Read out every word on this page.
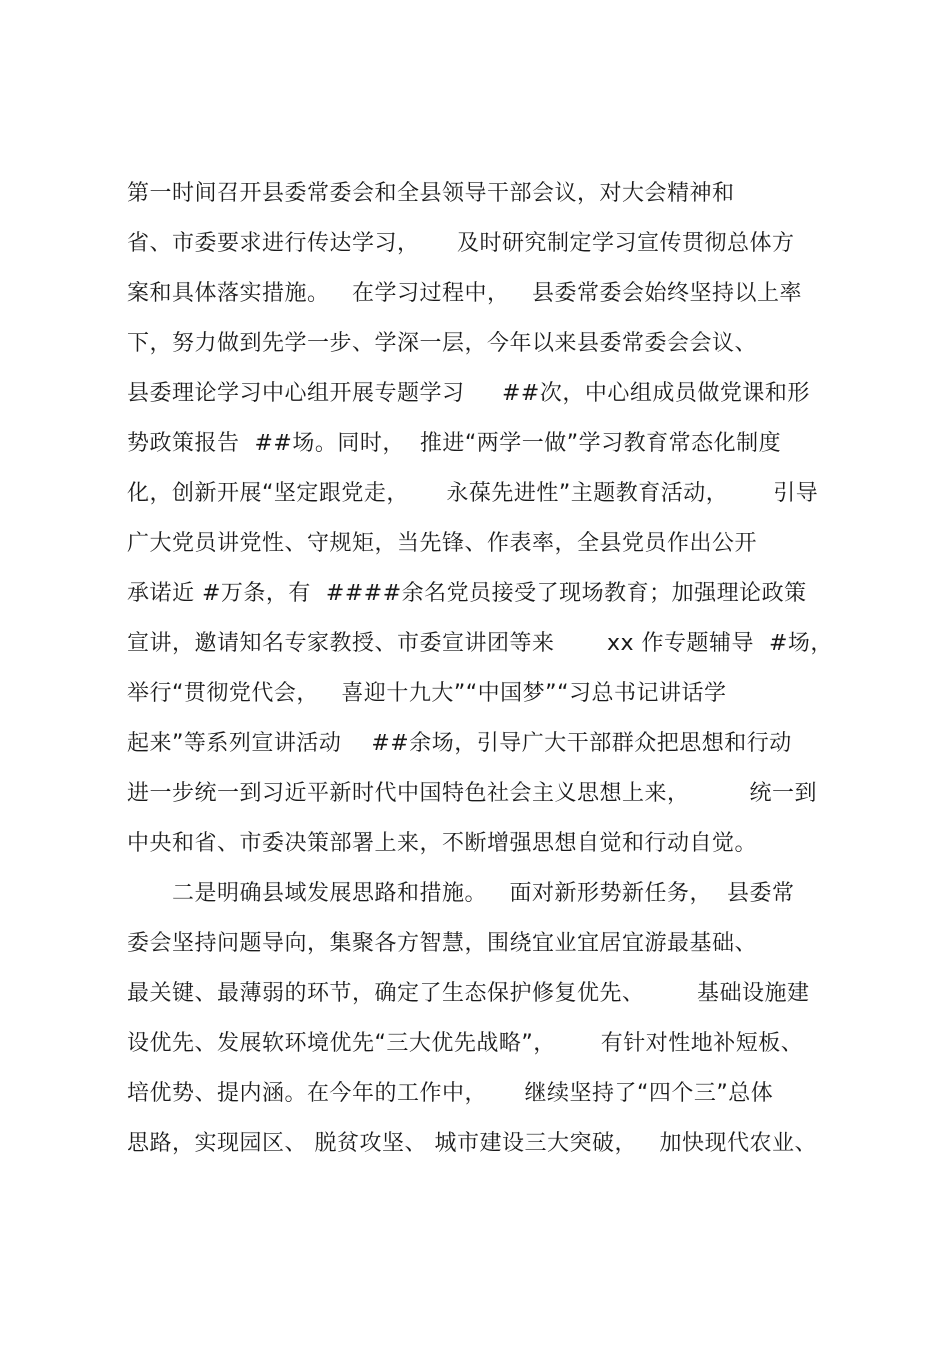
第一时间召开县委常委会和全县领导干部会议，对大会精神和
省、市委要求进行传达学习，     及时研究制定学习宣传贯彻总体方
案和具体落实措施。   在学习过程中，   县委常委会始终坚持以上率
下，努力做到先学一步、学深一层，今年以来县委常委会会议、
县委理论学习中心组开展专题学习     ##次，中心组成员做党课和形
势政策报告  ##场。同时，  推进“两学一做”学习教育常态化制度
化，创新开展“坚定跟党走，     永葆先进性”主题教育活动，      引导
广大党员讲党性、守规矩，当先锋、作表率，全县党员作出公开
承诺近 #万条，有  ####余名党员接受了现场教育；加强理论政策
宣讲，邀请知名专家教授、市委宣讲团等来       xx 作专题辅导  #场，
举行“贯彻党代会，   喜迎十九大”“中国梦”“习总书记讲话学
起来”等系列宣讲活动    ##余场，引导广大干部群众把思想和行动
进一步统一到习近平新时代中国特色社会主义思想上来，        统一到
中央和省、市委决策部署上来，不断增强思想自觉和行动自觉。
二是明确县域发展思路和措施。   面对新形势新任务，  县委常
委会坚持问题导向，集聚各方智慧，围绕宜业宜居宜游最基础、
最关键、最薄弱的环节，确定了生态保护修复优先、       基础设施建
设优先、发展软环境优先“三大优先战略”，      有针对性地补短板、
培优势、提内涵。在今年的工作中，     继续坚持了“四个三”总体
思路，实现园区、 脱贫攻坚、 城市建设三大突破，   加快现代农业、
